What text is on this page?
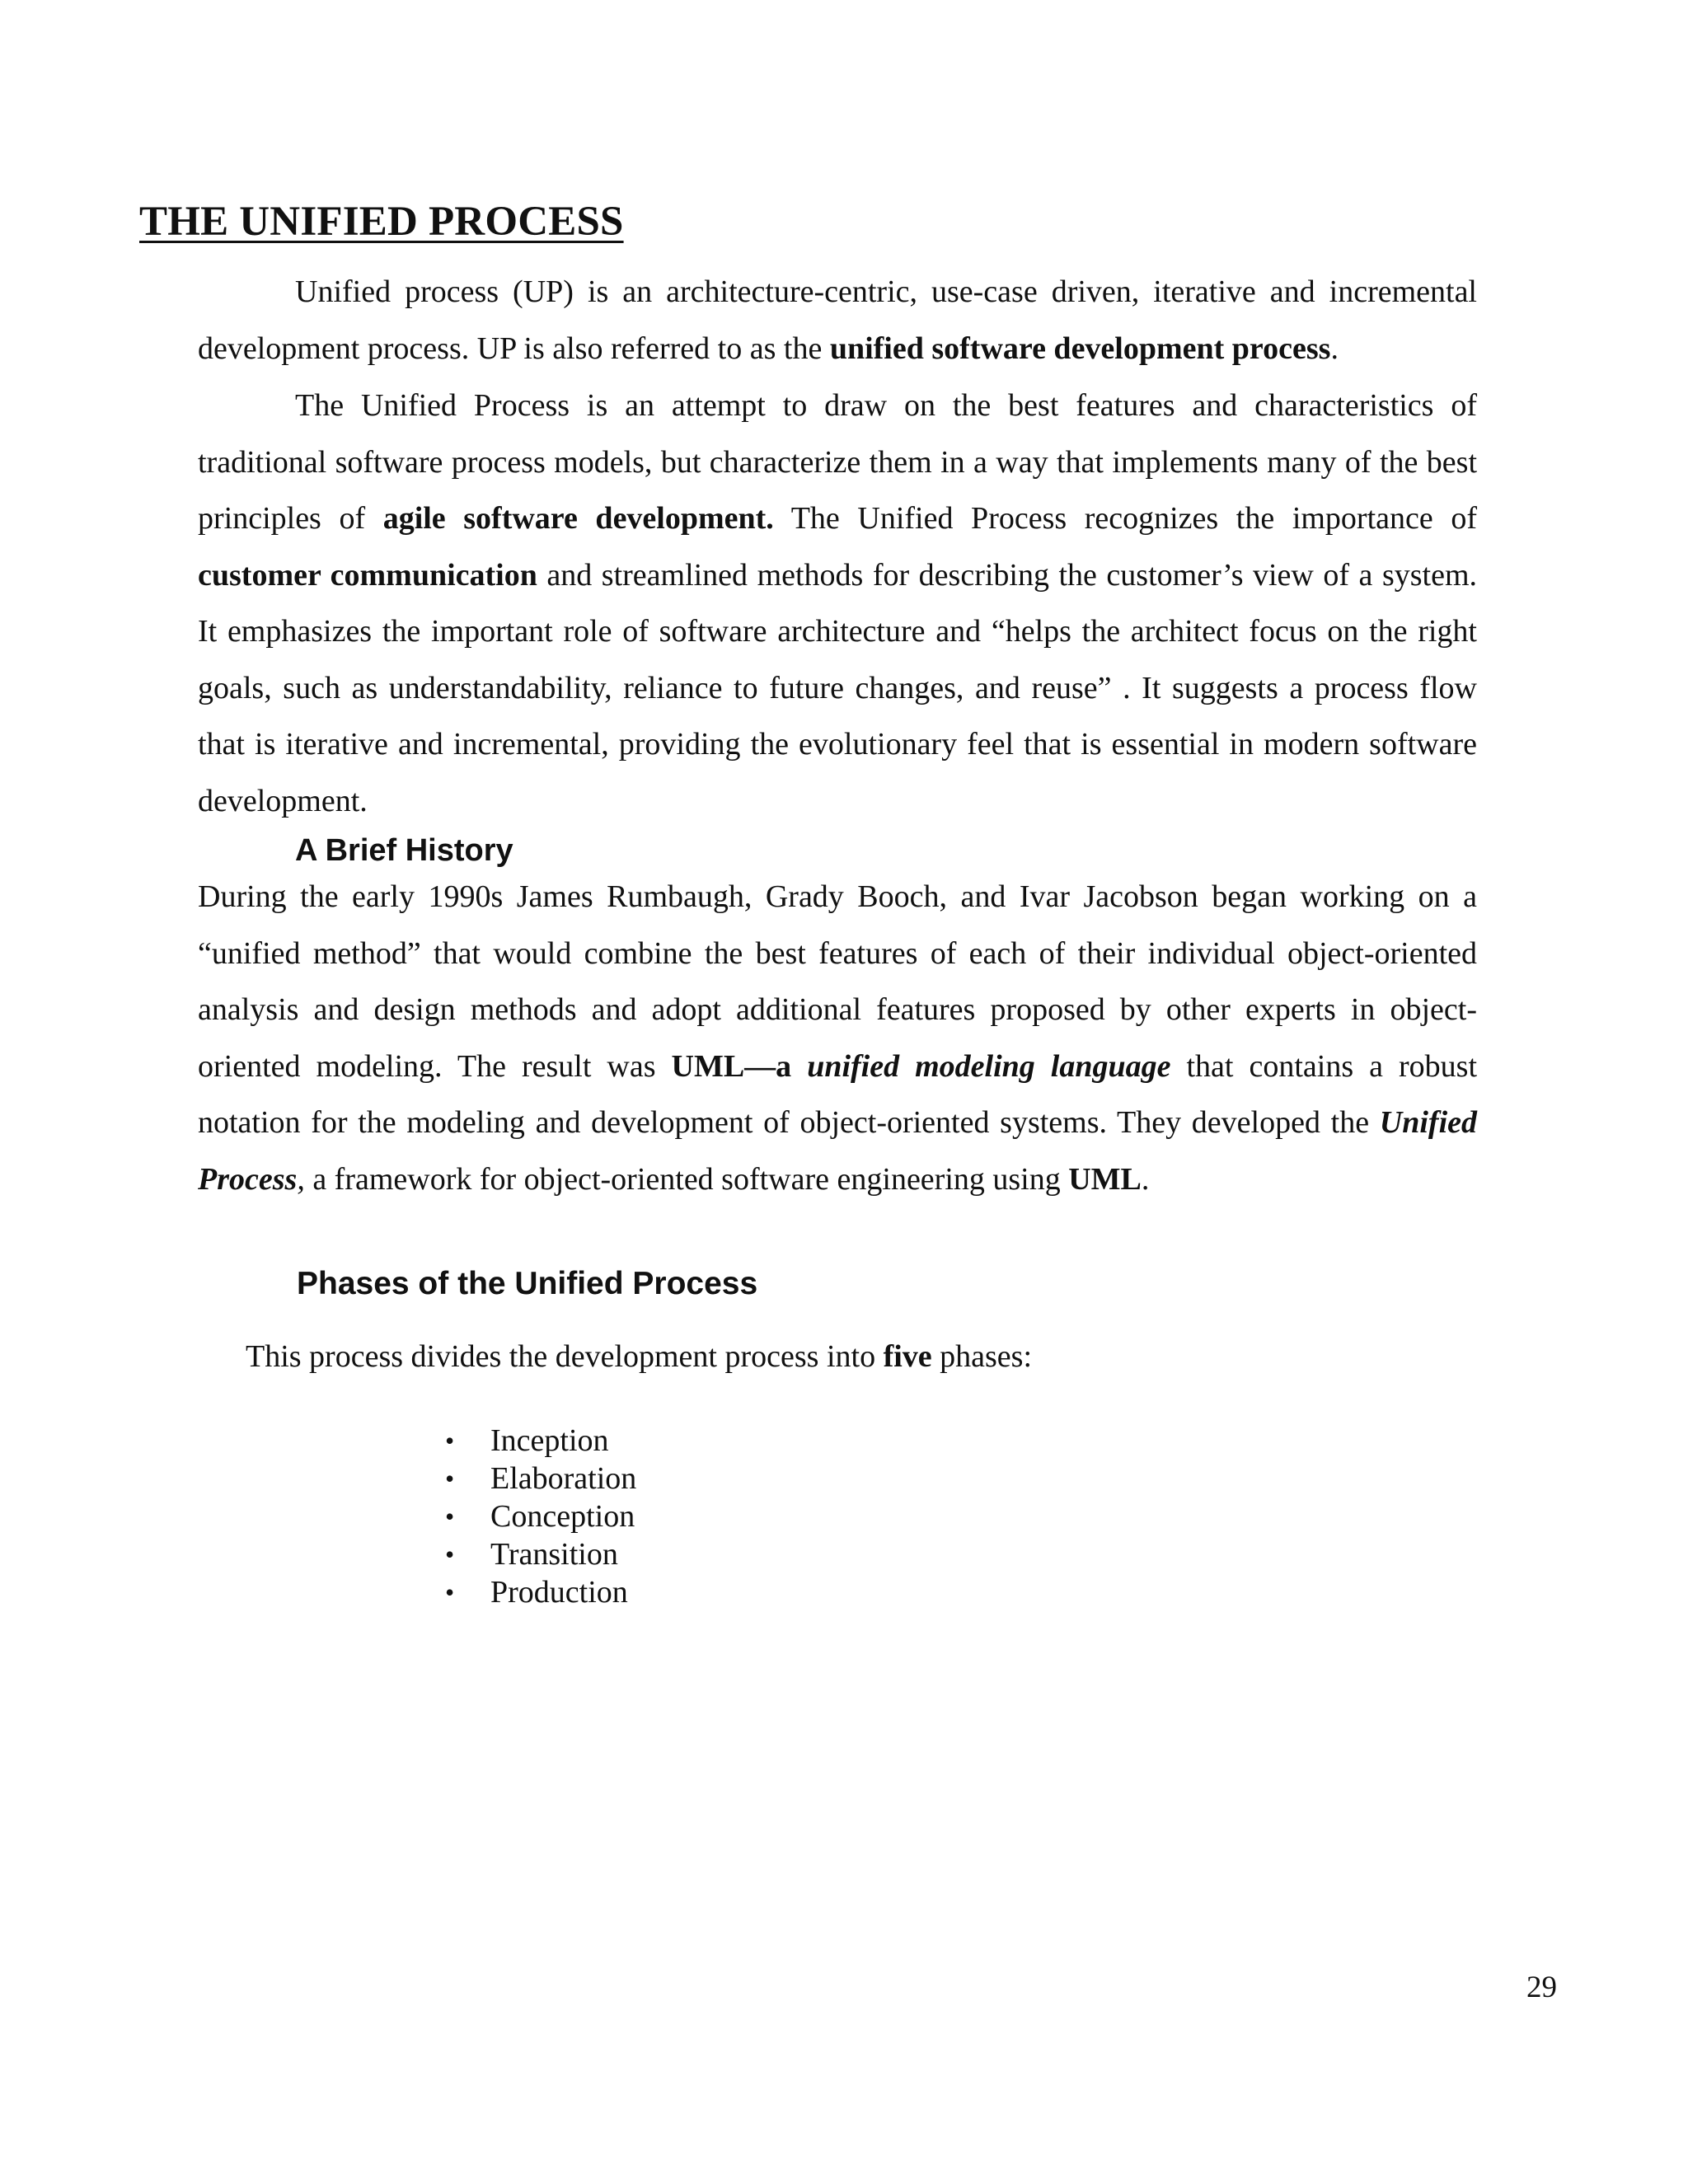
THE UNIFIED PROCESS

Unified process (UP) is an architecture-centric, use-case driven, iterative and incremental development process. UP is also referred to as the unified software development process.

The Unified Process is an attempt to draw on the best features and characteristics of traditional software process models, but characterize them in a way that implements many of the best principles of agile software development. The Unified Process recognizes the importance of customer communication and streamlined methods for describing the customer’s view of a system. It emphasizes the important role of software architecture and “helps the architect focus on the right goals, such as understandability, reliance to future changes, and reuse” . It suggests a process flow that is iterative and incremental, providing the evolutionary feel that is essential in modern software development.

A Brief History

During the early 1990s James Rumbaugh, Grady Booch, and Ivar Jacobson began working on a “unified method” that would combine the best features of each of their individual object-oriented analysis and design methods and adopt additional features proposed by other experts in object-oriented modeling. The result was UML—a unified modeling language that contains a robust notation for the modeling and development of object-oriented systems. They developed the Unified Process, a framework for object-oriented software engineering using UML.

Phases of the Unified Process

This process divides the development process into five phases:

• Inception
• Elaboration
• Conception
• Transition
• Production

29
